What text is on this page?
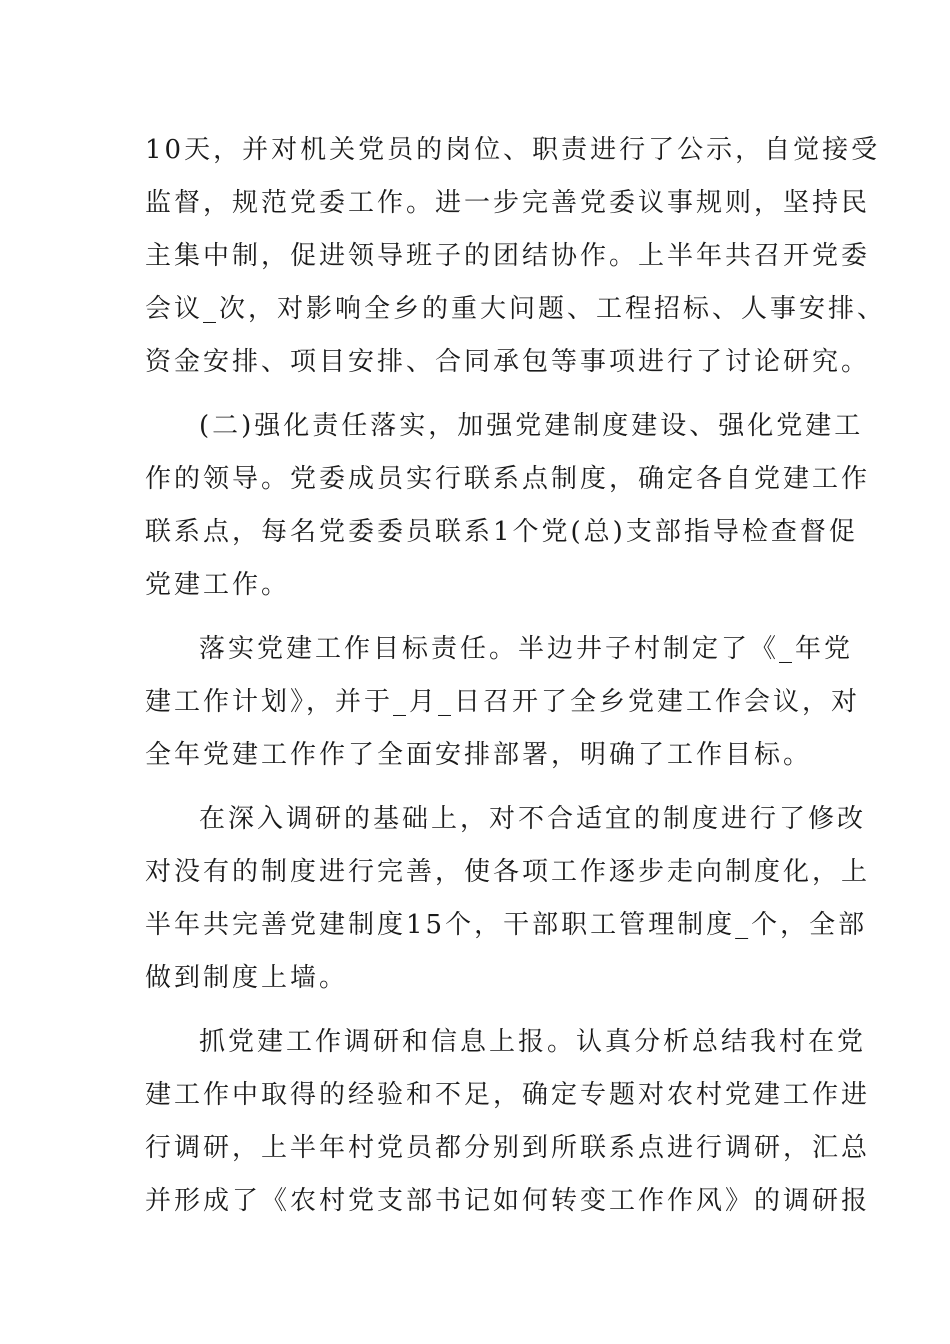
10天，并对机关党员的岗位、职责进行了公示，自觉接受
监督，规范党委工作。进一步完善党委议事规则，坚持民
主集中制，促进领导班子的团结协作。上半年共召开党委
会议_次，对影响全乡的重大问题、工程招标、人事安排、
资金安排、项目安排、合同承包等事项进行了讨论研究。
(二)强化责任落实，加强党建制度建设、强化党建工
作的领导。党委成员实行联系点制度，确定各自党建工作
联系点，每名党委委员联系1个党(总)支部指导检查督促
党建工作。
落实党建工作目标责任。半边井子村制定了《_年党
建工作计划》，并于_月_日召开了全乡党建工作会议，对
全年党建工作作了全面安排部署，明确了工作目标。
在深入调研的基础上，对不合适宜的制度进行了修改
对没有的制度进行完善，使各项工作逐步走向制度化，上
半年共完善党建制度15个，干部职工管理制度_个，全部
做到制度上墙。
抓党建工作调研和信息上报。认真分析总结我村在党
建工作中取得的经验和不足，确定专题对农村党建工作进
行调研，上半年村党员都分别到所联系点进行调研，汇总
并形成了《农村党支部书记如何转变工作作风》的调研报
